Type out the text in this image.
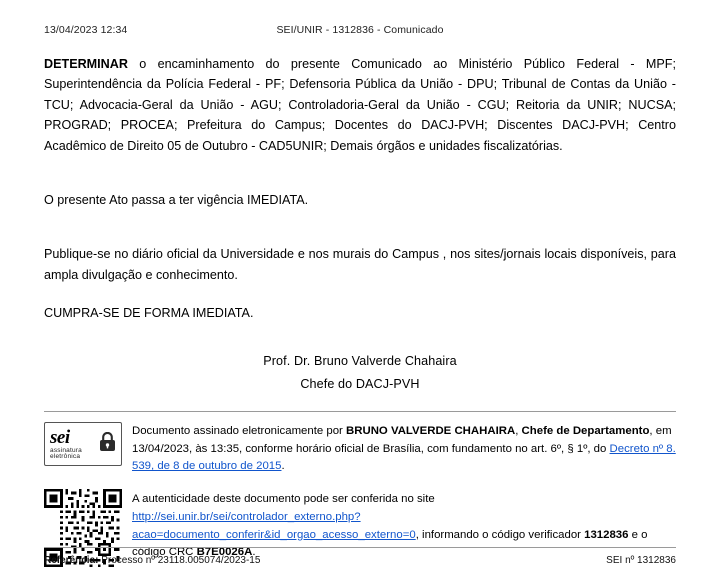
13/04/2023 12:34	SEI/UNIR - 1312836 - Comunicado

DETERMINAR o encaminhamento do presente Comunicado ao Ministério Público Federal - MPF; Superintendência da Polícia Federal - PF; Defensoria Pública da União - DPU; Tribunal de Contas da União - TCU; Advocacia-Geral da União - AGU; Controladoria-Geral da União - CGU; Reitoria da UNIR; NUCSA; PROGRAD; PROCEA; Prefeitura do Campus; Docentes do DACJ-PVH; Discentes DACJ-PVH; Centro Acadêmico de Direito 05 de Outubro - CAD5UNIR; Demais órgãos e unidades fiscalizatórias.

O presente Ato passa a ter vigência IMEDIATA.

Publique-se no diário oficial da Universidade e nos murais do Campus , nos sites/jornais locais disponíveis, para ampla divulgação e conhecimento.

CUMPRA-SE DE FORMA IMEDIATA.

Prof. Dr. Bruno Valverde Chahaira
Chefe do DACJ-PVH
sei
assinatura
eletrônica
Documento assinado eletronicamente por BRUNO VALVERDE CHAHAIRA, Chefe de Departamento, em 13/04/2023, às 13:35, conforme horário oficial de Brasília, com fundamento no art. 6º, § 1º, do Decreto nº 8.539, de 8 de outubro de 2015.
A autenticidade deste documento pode ser conferida no site
http://sei.unir.br/sei/controlador_externo.php?
acao=documento_conferir&id_orgao_acesso_externo=0, informando o código verificador 1312836 e o código CRC B7E0026A.
Referência: Processo nº 23118.005074/2023-15	SEI nº 1312836
